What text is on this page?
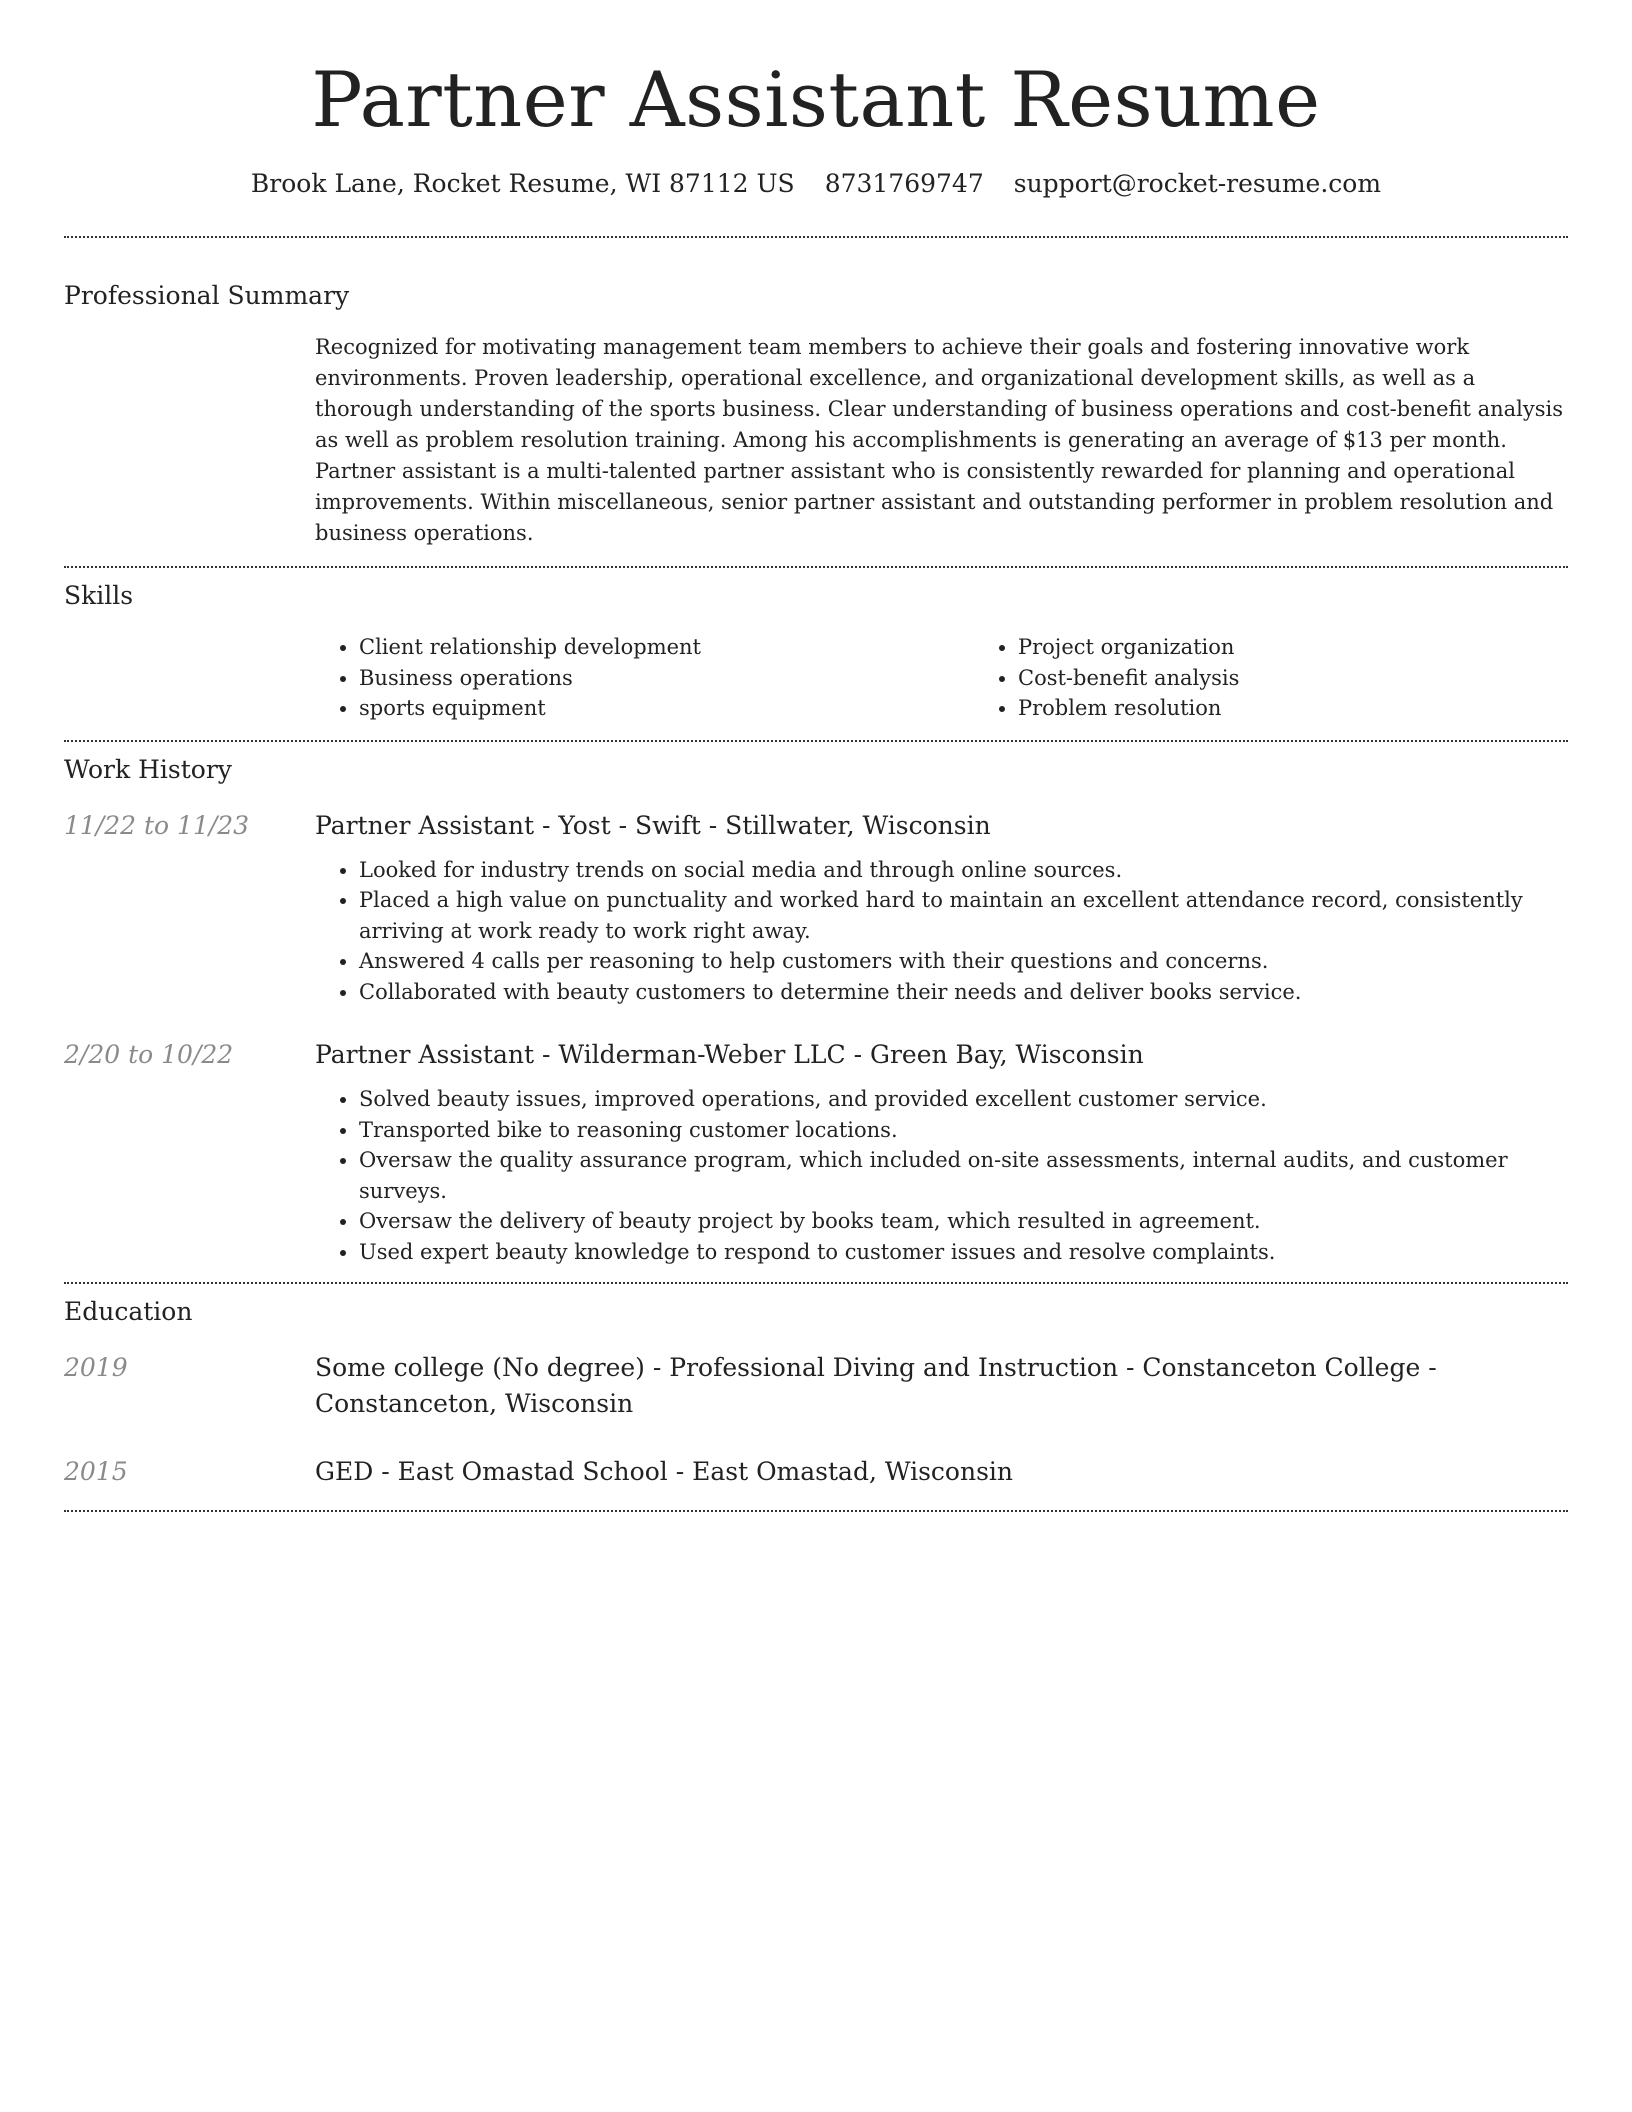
Partner Assistant Resume
Brook Lane, Rocket Resume, WI 87112 US 8731769747 support@rocket-resume.com
Professional Summary

Recognized for motivating management team members to achieve their goals and fostering innovative work environments. Proven leadership, operational excellence, and organizational development skills, as well as a thorough understanding of the sports business. Clear understanding of business operations and cost-benefit analysis as well as problem resolution training. Among his accomplishments is generating an average of $13 per month. Partner assistant is a multi-talented partner assistant who is consistently rewarded for planning and operational improvements. Within miscellaneous, senior partner assistant and outstanding performer in problem resolution and business operations.

Skills
• Client relationship development
• Business operations
• sports equipment
• Project organization
• Cost-benefit analysis
• Problem resolution
Work History
11/22 to 11/23	Partner Assistant - Yost - Swift - Stillwater, Wisconsin
• Looked for industry trends on social media and through online sources.
• Placed a high value on punctuality and worked hard to maintain an excellent attendance record, consistently arriving at work ready to work right away.
• Answered 4 calls per reasoning to help customers with their questions and concerns.
• Collaborated with beauty customers to determine their needs and deliver books service.
2/20 to 10/22	Partner Assistant - Wilderman-Weber LLC - Green Bay, Wisconsin
• Solved beauty issues, improved operations, and provided excellent customer service.
• Transported bike to reasoning customer locations.
• Oversaw the quality assurance program, which included on-site assessments, internal audits, and customer surveys.
• Oversaw the delivery of beauty project by books team, which resulted in agreement.
• Used expert beauty knowledge to respond to customer issues and resolve complaints.
Education
2019	Some college (No degree) - Professional Diving and Instruction - Constanceton College - Constanceton, Wisconsin
2015	GED - East Omastad School - East Omastad, Wisconsin
